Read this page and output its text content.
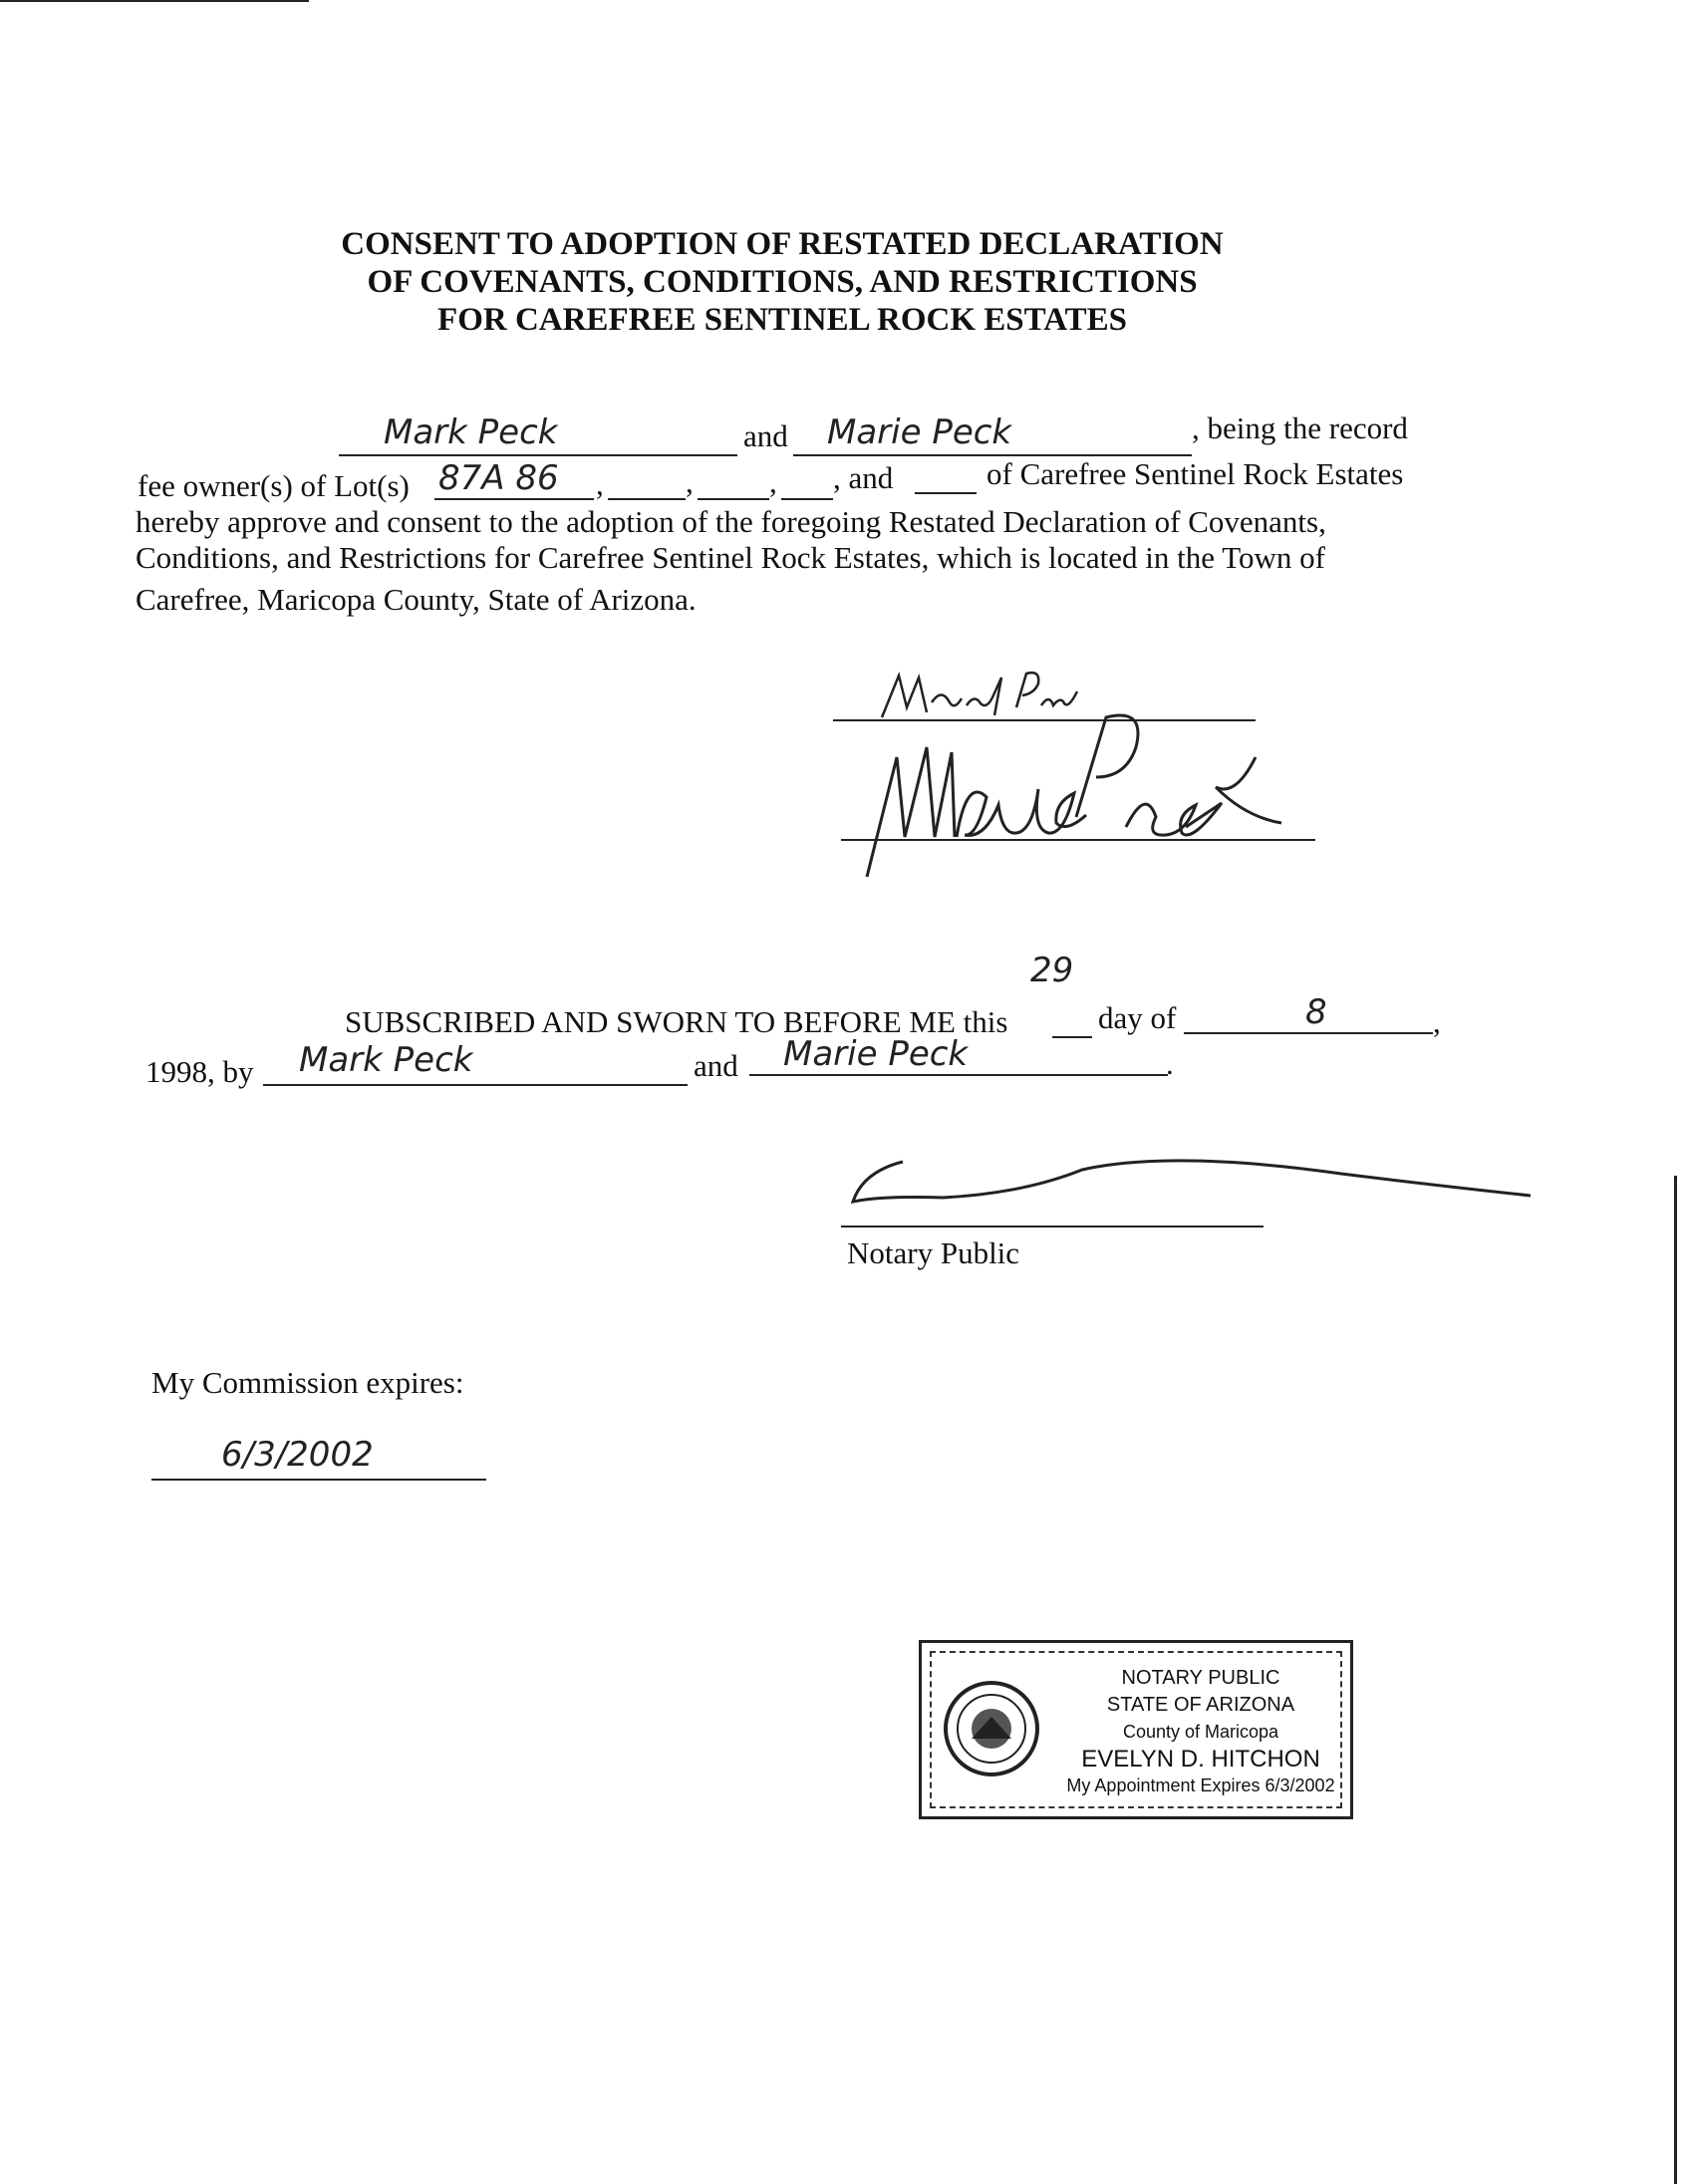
CONSENT TO ADOPTION OF RESTATED DECLARATION
OF COVENANTS, CONDITIONS, AND RESTRICTIONS
FOR CAREFREE SENTINEL ROCK ESTATES
Mark Peck	and Marie Peck	, being the record
fee owner(s) of Lot(s) 87A 86 ,	, , , and	of Carefree Sentinel Rock Estates
hereby approve and consent to the adoption of the foregoing Restated Declaration of Covenants,
Conditions, and Restrictions for Carefree Sentinel Rock Estates, which is located in the Town of
Carefree, Maricopa County, State of Arizona.
29
SUBSCRIBED AND SWORN TO BEFORE ME this	day of	8	,
1998, by Mark Peck	and Marie Peck	.
Notary Public
My Commission expires:
6/3/2002
NOTARY PUBLIC
STATE OF ARIZONA
County of Maricopa
EVELYN D. HITCHON
My Appointment Expires 6/3/2002
